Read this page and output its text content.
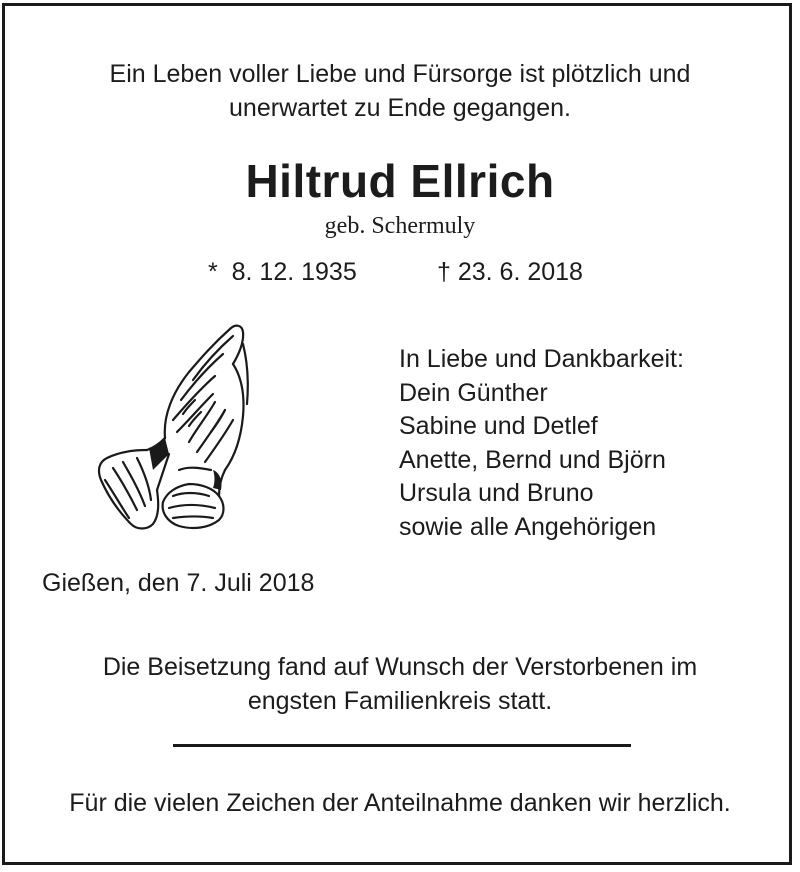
Ein Leben voller Liebe und Fürsorge ist plötzlich und
unerwartet zu Ende gegangen.
Hiltrud Ellrich
geb. Schermuly
*  8. 12. 1935	† 23. 6. 2018
In Liebe und Dankbarkeit:
Dein Günther
Sabine und Detlef
Anette, Bernd und Björn
Ursula und Bruno
sowie alle Angehörigen
Gießen, den 7. Juli 2018
Die Beisetzung fand auf Wunsch der Verstorbenen im
engsten Familienkreis statt.
Für die vielen Zeichen der Anteilnahme danken wir herzlich.
